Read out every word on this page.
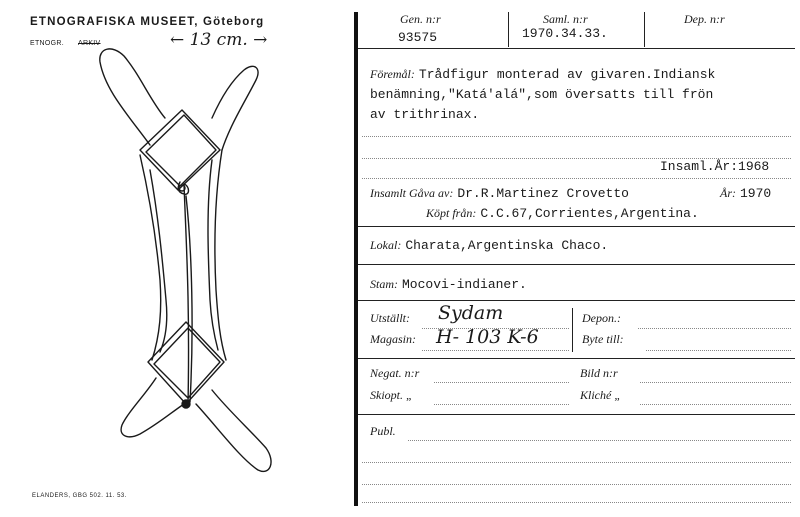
ETNOGRAFISKA MUSEET, Göteborg
ETNOGR. ARKIV	← 13 cm. →
ELANDERS, GBG 502. 11. 53.
Gen. n:r
93575
Saml. n:r
1970.34.33.
Dep. n:r
Föremål: Trådfigur monterad av givaren.Indiansk
benämning,"Katá'alá",som översatts till frön
av trithrinax.
Insaml.År:1968
Insamlt Gåva av: Dr.R.Martinez Crovetto	År: 1970
Köpt från: C.C.67,Corrientes,Argentina.
Lokal: Charata,Argentinska Chaco.
Stam: Mocovi-indianer.
Utställt: Sydam
Magasin: H- 103 K-6
Depon.:
Byte till:
Negat. n:r	Bild n:r
Skiopt. „	Kliché „
Publ.
